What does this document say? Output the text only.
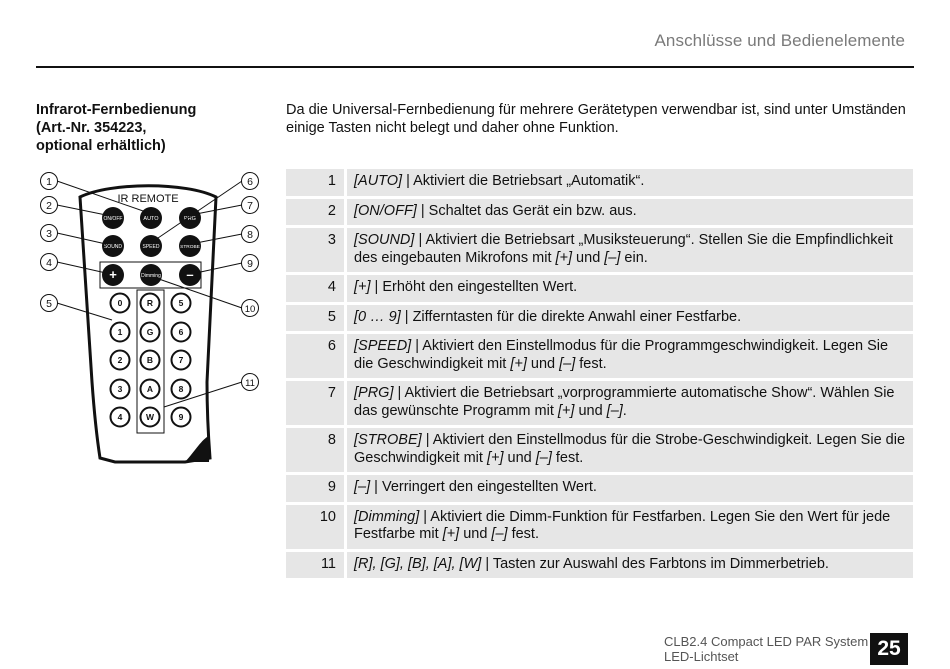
Anschlüsse und Bedienelemente
Infrarot-Fernbedienung
(Art.-Nr. 354223,
optional erhältlich)
Da die Universal-Fernbedienung für mehrere Gerätetypen verwendbar ist, sind unter Umständen einige Tasten nicht belegt und daher ohne Funktion.
IR REMOTE
ON/OFF	AUTO	PRG
SOUND	SPEED	STROBE
+	Dimming –
0
1
2
3
4
R
G
B
A
W
5
6
7
8
9
1
2
3
4
5
6
7
8
9
10
11
1	[AUTO] | Aktiviert die Betriebsart „Automatik“.
2	[ON/OFF] | Schaltet das Gerät ein bzw. aus.
3	[SOUND] | Aktiviert die Betriebsart „Musiksteuerung“. Stellen Sie die Empfindlichkeit des eingebauten Mikrofons mit [+] und [–] ein.
4	[+] | Erhöht den eingestellten Wert.
5	[0 … 9] | Zifferntasten für die direkte Anwahl einer Festfarbe.
6	[SPEED] | Aktiviert den Einstellmodus für die Programmgeschwindigkeit. Legen Sie die Geschwindigkeit mit [+] und [–] fest.
7	[PRG] | Aktiviert die Betriebsart „vorprogrammierte automatische Show“. Wählen Sie das gewünschte Programm mit [+] und [–].
8	[STROBE] | Aktiviert den Einstellmodus für die Strobe-Geschwindigkeit. Legen Sie die Geschwindigkeit mit [+] und [–] fest.
9	[–] | Verringert den eingestellten Wert.
10	[Dimming] | Aktiviert die Dimm-Funktion für Festfarben. Legen Sie den Wert für jede Festfarbe mit [+] und [–] fest.
11	[R], [G], [B], [A], [W] | Tasten zur Auswahl des Farbtons im Dimmerbetrieb.
CLB2.4 Compact LED PAR System
LED-Lichtset	25
